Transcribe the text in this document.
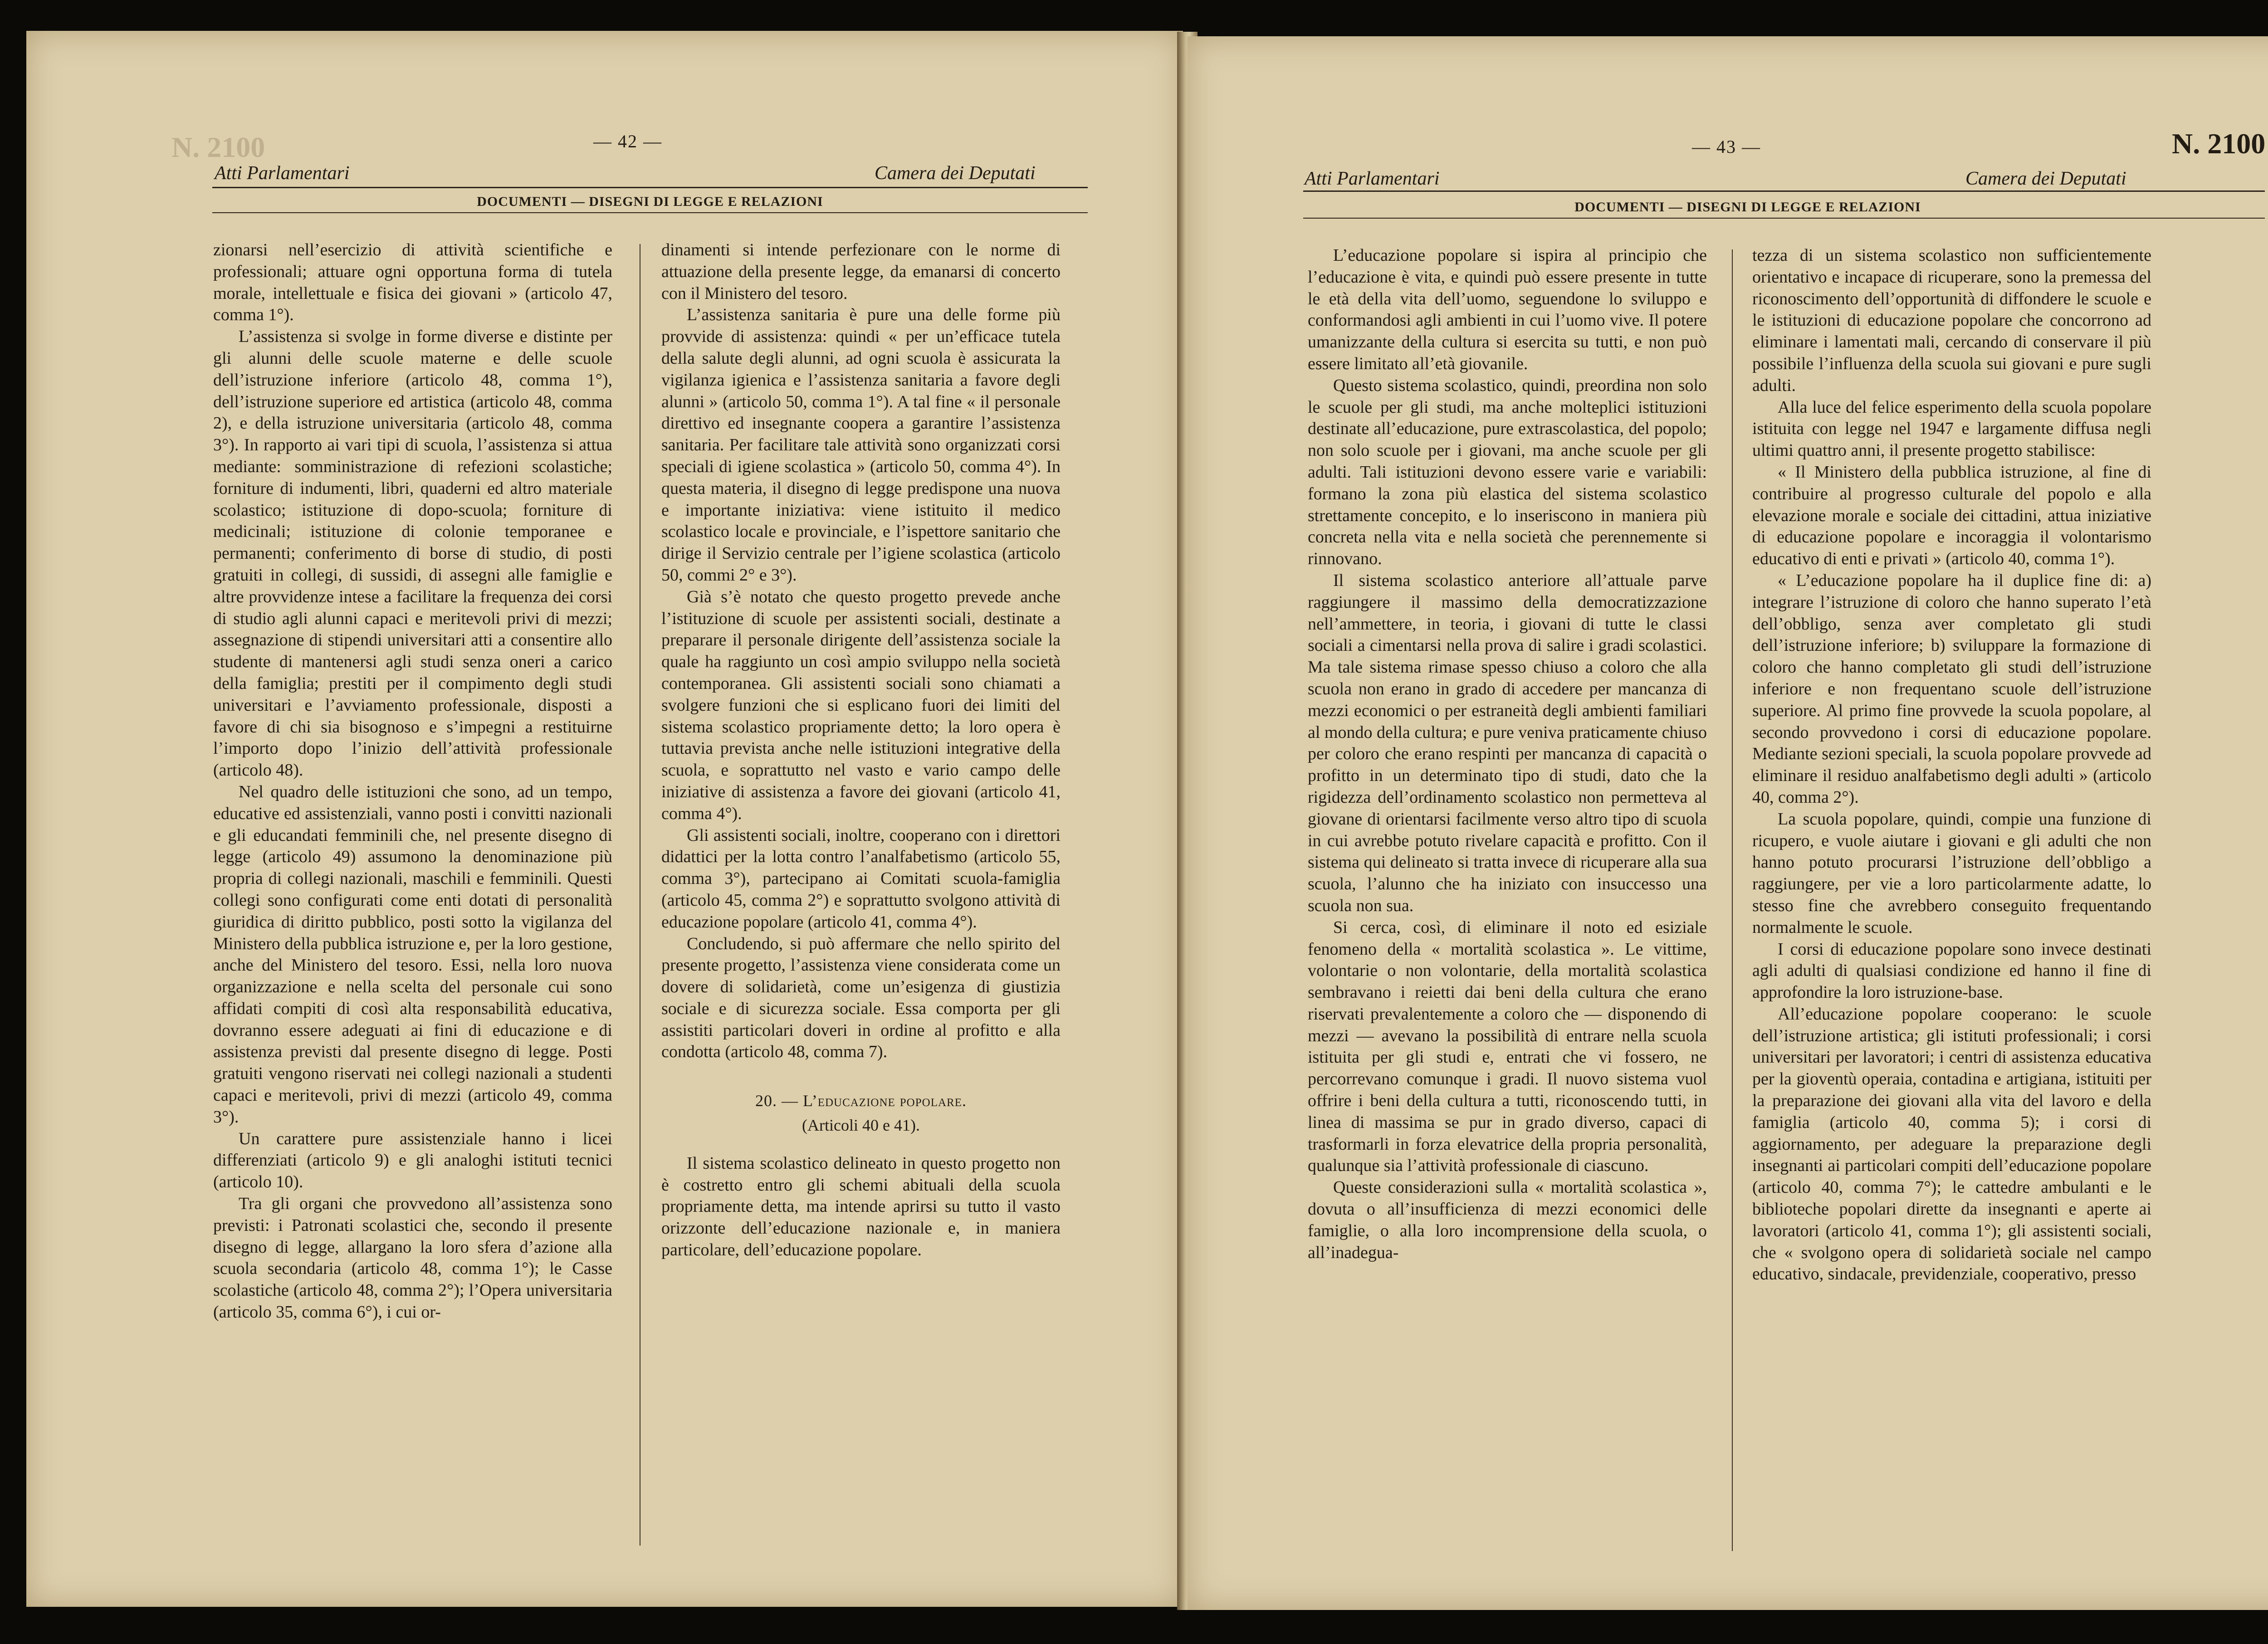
N. 2100	— 42 —
Atti Parlamentari	Camera dei Deputati
DOCUMENTI — DISEGNI DI LEGGE E RELAZIONI

zionarsi nell’esercizio di attività scientifiche e professionali; attuare ogni opportuna forma di tutela morale, intellettuale e fisica dei giovani » (articolo 47, comma 1°).

L’assistenza si svolge in forme diverse e distinte per gli alunni delle scuole materne e delle scuole dell’istruzione inferiore (articolo 48, comma 1°), dell’istruzione superiore ed artistica (articolo 48, comma 2), e della istruzione universitaria (articolo 48, comma 3°). In rapporto ai vari tipi di scuola, l’assistenza si attua mediante: somministrazione di refezioni scolastiche; forniture di indumenti, libri, quaderni ed altro materiale scolastico; istituzione di dopo-scuola; forniture di medicinali; istituzione di colonie temporanee e permanenti; conferimento di borse di studio, di posti gratuiti in collegi, di sussidi, di assegni alle famiglie e altre provvidenze intese a facilitare la frequenza dei corsi di studio agli alunni capaci e meritevoli privi di mezzi; assegnazione di stipendi universitari atti a consentire allo studente di mantenersi agli studi senza oneri a carico della famiglia; prestiti per il compimento degli studi universitari e l’avviamento professionale, disposti a favore di chi sia bisognoso e s’impegni a restituirne l’importo dopo l’inizio dell’attività professionale (articolo 48).

Nel quadro delle istituzioni che sono, ad un tempo, educative ed assistenziali, vanno posti i convitti nazionali e gli educandati femminili che, nel presente disegno di legge (articolo 49) assumono la denominazione più propria di collegi nazionali, maschili e femminili. Questi collegi sono configurati come enti dotati di personalità giuridica di diritto pubblico, posti sotto la vigilanza del Ministero della pubblica istruzione e, per la loro gestione, anche del Ministero del tesoro. Essi, nella loro nuova organizzazione e nella scelta del personale cui sono affidati compiti di così alta responsabilità educativa, dovranno essere adeguati ai fini di educazione e di assistenza previsti dal presente disegno di legge. Posti gratuiti vengono riservati nei collegi nazionali a studenti capaci e meritevoli, privi di mezzi (articolo 49, comma 3°).

Un carattere pure assistenziale hanno i licei differenziati (articolo 9) e gli analoghi istituti tecnici (articolo 10).

Tra gli organi che provvedono all’assistenza sono previsti: i Patronati scolastici che, secondo il presente disegno di legge, allargano la loro sfera d’azione alla scuola secondaria (articolo 48, comma 1°); le Casse scolastiche (articolo 48, comma 2°); l’Opera universitaria (articolo 35, comma 6°), i cui or-

dinamenti si intende perfezionare con le norme di attuazione della presente legge, da emanarsi di concerto con il Ministero del tesoro.

L’assistenza sanitaria è pure una delle forme più provvide di assistenza: quindi « per un’efficace tutela della salute degli alunni, ad ogni scuola è assicurata la vigilanza igienica e l’assistenza sanitaria a favore degli alunni » (articolo 50, comma 1°). A tal fine « il personale direttivo ed insegnante coopera a garantire l’assistenza sanitaria. Per facilitare tale attività sono organizzati corsi speciali di igiene scolastica » (articolo 50, comma 4°). In questa materia, il disegno di legge predispone una nuova e importante iniziativa: viene istituito il medico scolastico locale e provinciale, e l’ispettore sanitario che dirige il Servizio centrale per l’igiene scolastica (articolo 50, commi 2° e 3°).

Già s’è notato che questo progetto prevede anche l’istituzione di scuole per assistenti sociali, destinate a preparare il personale dirigente dell’assistenza sociale la quale ha raggiunto un così ampio sviluppo nella società contemporanea. Gli assistenti sociali sono chiamati a svolgere funzioni che si esplicano fuori dei limiti del sistema scolastico propriamente detto; la loro opera è tuttavia prevista anche nelle istituzioni integrative della scuola, e soprattutto nel vasto e vario campo delle iniziative di assistenza a favore dei giovani (articolo 41, comma 4°).

Gli assistenti sociali, inoltre, cooperano con i direttori didattici per la lotta contro l’analfabetismo (articolo 55, comma 3°), partecipano ai Comitati scuola-famiglia (articolo 45, comma 2°) e soprattutto svolgono attività di educazione popolare (articolo 41, comma 4°).

Concludendo, si può affermare che nello spirito del presente progetto, l’assistenza viene considerata come un dovere di solidarietà, come un’esigenza di giustizia sociale e di sicurezza sociale. Essa comporta per gli assistiti particolari doveri in ordine al profitto e alla condotta (articolo 48, comma 7).

20. — L’educazione popolare.
(Articoli 40 e 41).

Il sistema scolastico delineato in questo progetto non è costretto entro gli schemi abituali della scuola propriamente detta, ma intende aprirsi su tutto il vasto orizzonte dell’educazione nazionale e, in maniera particolare, dell’educazione popolare.

— 43 —	N. 2100
Atti Parlamentari	Camera dei Deputati
DOCUMENTI — DISEGNI DI LEGGE E RELAZIONI

L’educazione popolare si ispira al principio che l’educazione è vita, e quindi può essere presente in tutte le età della vita dell’uomo, seguendone lo sviluppo e conformandosi agli ambienti in cui l’uomo vive. Il potere umanizzante della cultura si esercita su tutti, e non può essere limitato all’età giovanile.

Questo sistema scolastico, quindi, preordina non solo le scuole per gli studi, ma anche molteplici istituzioni destinate all’educazione, pure extrascolastica, del popolo; non solo scuole per i giovani, ma anche scuole per gli adulti. Tali istituzioni devono essere varie e variabili: formano la zona più elastica del sistema scolastico strettamente concepito, e lo inseriscono in maniera più concreta nella vita e nella società che perennemente si rinnovano.

Il sistema scolastico anteriore all’attuale parve raggiungere il massimo della democratizzazione nell’ammettere, in teoria, i giovani di tutte le classi sociali a cimentarsi nella prova di salire i gradi scolastici. Ma tale sistema rimase spesso chiuso a coloro che alla scuola non erano in grado di accedere per mancanza di mezzi economici o per estraneità degli ambienti familiari al mondo della cultura; e pure veniva praticamente chiuso per coloro che erano respinti per mancanza di capacità o profitto in un determinato tipo di studi, dato che la rigidezza dell’ordinamento scolastico non permetteva al giovane di orientarsi facilmente verso altro tipo di scuola in cui avrebbe potuto rivelare capacità e profitto. Con il sistema qui delineato si tratta invece di ricuperare alla sua scuola, l’alunno che ha iniziato con insuccesso una scuola non sua.

Si cerca, così, di eliminare il noto ed esiziale fenomeno della « mortalità scolastica ». Le vittime, volontarie o non volontarie, della mortalità scolastica sembravano i reietti dai beni della cultura che erano riservati prevalentemente a coloro che — disponendo di mezzi — avevano la possibilità di entrare nella scuola istituita per gli studi e, entrati che vi fossero, ne percorrevano comunque i gradi. Il nuovo sistema vuol offrire i beni della cultura a tutti, riconoscendo tutti, in linea di massima se pur in grado diverso, capaci di trasformarli in forza elevatrice della propria personalità, qualunque sia l’attività professionale di ciascuno.

Queste considerazioni sulla « mortalità scolastica », dovuta o all’insufficienza di mezzi economici delle famiglie, o alla loro incomprensione della scuola, o all’inadegua-

tezza di un sistema scolastico non sufficientemente orientativo e incapace di ricuperare, sono la premessa del riconoscimento dell’opportunità di diffondere le scuole e le istituzioni di educazione popolare che concorrono ad eliminare i lamentati mali, cercando di conservare il più possibile l’influenza della scuola sui giovani e pure sugli adulti.

Alla luce del felice esperimento della scuola popolare istituita con legge nel 1947 e largamente diffusa negli ultimi quattro anni, il presente progetto stabilisce:

« Il Ministero della pubblica istruzione, al fine di contribuire al progresso culturale del popolo e alla elevazione morale e sociale dei cittadini, attua iniziative di educazione popolare e incoraggia il volontarismo educativo di enti e privati » (articolo 40, comma 1°).

« L’educazione popolare ha il duplice fine di: a) integrare l’istruzione di coloro che hanno superato l’età dell’obbligo, senza aver completato gli studi dell’istruzione inferiore; b) sviluppare la formazione di coloro che hanno completato gli studi dell’istruzione inferiore e non frequentano scuole dell’istruzione superiore. Al primo fine provvede la scuola popolare, al secondo provvedono i corsi di educazione popolare. Mediante sezioni speciali, la scuola popolare provvede ad eliminare il residuo analfabetismo degli adulti » (articolo 40, comma 2°).

La scuola popolare, quindi, compie una funzione di ricupero, e vuole aiutare i giovani e gli adulti che non hanno potuto procurarsi l’istruzione dell’obbligo a raggiungere, per vie a loro particolarmente adatte, lo stesso fine che avrebbero conseguito frequentando normalmente le scuole.

I corsi di educazione popolare sono invece destinati agli adulti di qualsiasi condizione ed hanno il fine di approfondire la loro istruzione-base.

All’educazione popolare cooperano: le scuole dell’istruzione artistica; gli istituti professionali; i corsi universitari per lavoratori; i centri di assistenza educativa per la gioventù operaia, contadina e artigiana, istituiti per la preparazione dei giovani alla vita del lavoro e della famiglia (articolo 40, comma 5); i corsi di aggiornamento, per adeguare la preparazione degli insegnanti ai particolari compiti dell’educazione popolare (articolo 40, comma 7°); le cattedre ambulanti e le biblioteche popolari dirette da insegnanti e aperte ai lavoratori (articolo 41, comma 1°); gli assistenti sociali, che « svolgono opera di solidarietà sociale nel campo educativo, sindacale, previdenziale, cooperativo, presso
